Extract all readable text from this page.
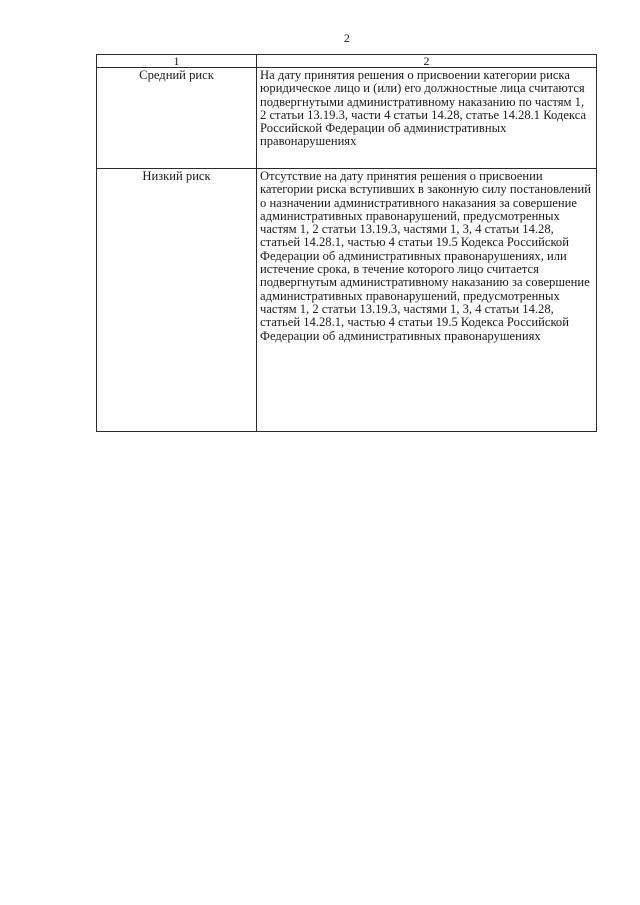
2
1	2
Средний риск	На дату принятия решения о присвоении категории риска юридическое лицо и (или) его должностные лица считаются подвергнутыми административному наказанию по частям 1, 2 статьи 13.19.3, части 4 статьи 14.28, статье 14.28.1 Кодекса Российской Федерации об административных правонарушениях
Низкий риск	Отсутствие на дату принятия решения о присвоении категории риска вступивших в законную силу постановлений о назначении административного наказания за совершение административных правонарушений, предусмотренных частям 1, 2 статьи 13.19.3, частями 1, 3, 4 статьи 14.28, статьей 14.28.1, частью 4 статьи 19.5 Кодекса Российской Федерации об административных правонарушениях, или истечение срока, в течение которого лицо считается подвергнутым административному наказанию за совершение административных правонарушений, предусмотренных частям 1, 2 статьи 13.19.3, частями 1, 3, 4 статьи 14.28, статьей 14.28.1, частью 4 статьи 19.5 Кодекса Российской Федерации об административных правонарушениях
